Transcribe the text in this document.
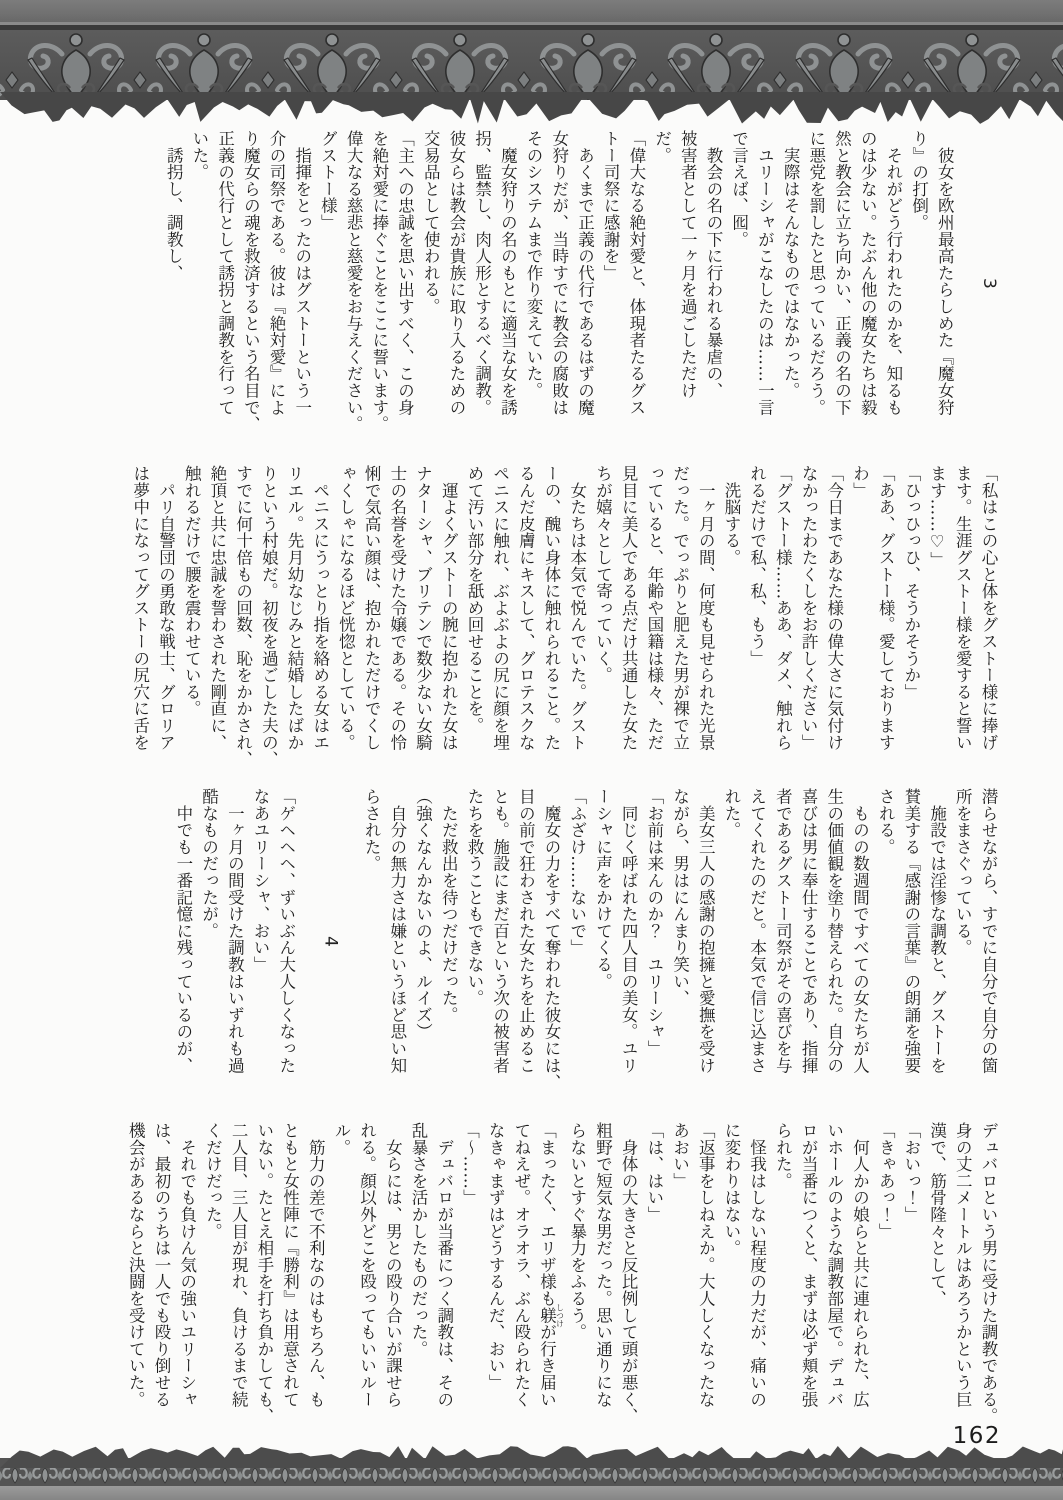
3
　彼女を欧州最高たらしめた『魔女狩
り』の打倒。
　それがどう行われたのかを、知るも
のは少ない。たぶん他の魔女たちは毅
然と教会に立ち向かい、正義の名の下
に悪党を罰したと思っているだろう。
　実際はそんなものではなかった。
　ユリーシャがこなしたのは……一言
で言えば、囮。
　教会の名の下に行われる暴虐の、
被害者として一ヶ月を過ごしただけ
だ。
「偉大なる絶対愛と、体現者たるグス
トー司祭に感謝を」
　あくまで正義の代行であるはずの魔
女狩りだが、当時すでに教会の腐敗は
そのシステムまで作り変えていた。
　魔女狩りの名のもとに適当な女を誘
拐、監禁し、肉人形とするべく調教。
彼女らは教会が貴族に取り入るための
交易品として使われる。
「主への忠誠を思い出すべく、この身
を絶対愛に捧ぐことをここに誓います。
偉大なる慈悲と慈愛をお与えください。
グストー様」
　指揮をとったのはグストーという一
介の司祭である。彼は『絶対愛』によ
り魔女らの魂を救済するという名目で、
正義の代行として誘拐と調教を行って
いた。
　誘拐し、調教し、
「私はこの心と体をグストー様に捧げ
ます。生涯グストー様を愛すると誓い
ます……♡」
「ひっひっひ、そうかそうか」
「ああ、グストー様。愛しております
わ」
「今日まであなた様の偉大さに気付け
なかったわたくしをお許しください」
「グストー様……ああ、ダメ、触れら
れるだけで私、私、もう」
　洗脳する。
　一ヶ月の間、何度も見せられた光景
だった。でっぷりと肥えた男が裸で立
っていると、年齢や国籍は様々、ただ
見目に美人である点だけ共通した女た
ちが嬉々として寄っていく。
　女たちは本気で悦んでいた。グスト
ーの、醜い身体に触れられること。た
るんだ皮膚にキスして、グロテスクな
ペニスに触れ、ぶよぶよの尻に顔を埋
めて汚い部分を舐め回せることを。
　運よくグストーの腕に抱かれた女は
ナターシャ、ブリテンで数少ない女騎
士の名誉を受けた令嬢である。その怜
悧で気高い顔は、抱かれただけでくし
ゃくしゃになるほど恍惚としている。
　ペニスにうっとり指を絡める女はエ
リエル。先月幼なじみと結婚したばか
りという村娘だ。初夜を過ごした夫の、
すでに何十倍もの回数、恥をかかされ、
絶頂と共に忠誠を誓わされた剛直に、
触れるだけで腰を震わせている。
　パリ自警団の勇敢な戦士、グロリア
は夢中になってグストーの尻穴に舌を
潜らせながら、すでに自分で自分の箇
所をまさぐっている。
　施設では淫惨な調教と、グストーを
賛美する『感謝の言葉』の朗誦を強要
される。
　ものの数週間ですべての女たちが人
生の価値観を塗り替えられた。自分の
喜びは男に奉仕することであり、指揮
者であるグストー司祭がその喜びを与
えてくれたのだと。本気で信じ込まさ
れた。
　美女三人の感謝の抱擁と愛撫を受け
ながら、男はにんまり笑い、
「お前は来んのか？　ユリーシャ」
　同じく呼ばれた四人目の美女。ユリ
ーシャに声をかけてくる。
「ふざけ……ないで」
　魔女の力をすべて奪われた彼女には、
目の前で狂わされた女たちを止めるこ
とも。施設にまだ百という次の被害者
たちを救うこともできない。
　ただ救出を待つだけだった。
（強くなんかないのよ、ルイズ）
　自分の無力さは嫌というほど思い知
らされた。
4
「ゲヘヘヘ、ずいぶん大人しくなった
なあユリーシャ、おい」
　一ヶ月の間受けた調教はいずれも過
酷なものだったが。
　中でも一番記憶に残っているのが、
デュバロという男に受けた調教である。
身の丈二メートルはあろうかという巨
漢で、筋骨隆々として、
「おいっ！」
「きゃあっ！」
　何人かの娘らと共に連れられた、広
いホールのような調教部屋で。デュバ
ロが当番につくと、まずは必ず頬を張
られた。
　怪我はしない程度の力だが、痛いの
に変わりはない。
「返事をしねえか。大人しくなったな
あおい」
「は、はい」
　身体の大きさと反比例して頭が悪く、
粗野で短気な男だった。思い通りにな
らないとすぐ暴力をふるう。
「まったく、エリザ様も躾 しつけが行き届い
てねえぜ。オラオラ、ぶん殴られたく
なきゃまずはどうするんだ、おい」
「〜……」
　デュバロが当番につく調教は、その
乱暴さを活かしたものだった。
　女らには、男との殴り合いが課せら
れる。顔以外どこを殴ってもいいルー
ル。
　筋力の差で不利なのはもちろん、も
ともと女性陣に『勝利』は用意されて
いない。たとえ相手を打ち負かしても、
二人目、三人目が現れ、負けるまで続
くだけだった。
　それでも負けん気の強いユリーシャ
は、最初のうちは一人でも殴り倒せる
機会があるならと決闘を受けていた。
162
